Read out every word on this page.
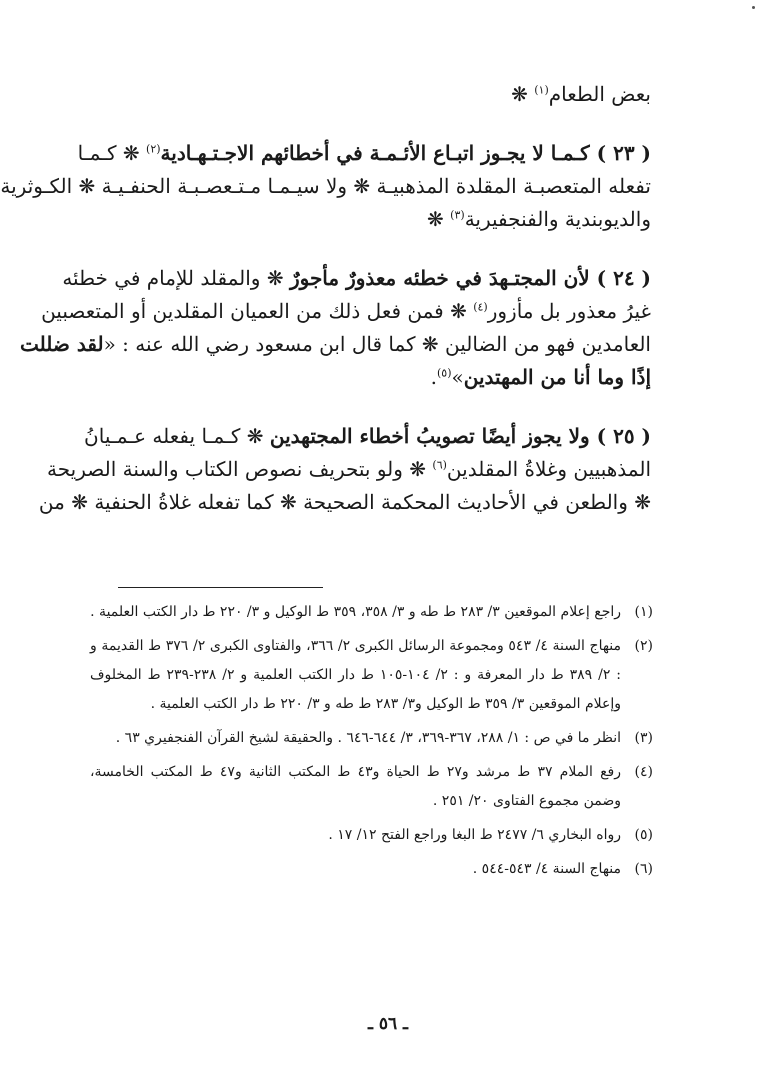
بعض الطعام$^{(١)}$ ❋
( ٢٣ ) كـمـا لا يجـوز اتبـاع الأئـمـة في أخطائهم الاجـتـهـادية$^{(٢)}$ ❋ كـمـا
تفعله المتعصبـة المقلدة المذهبيـة ❋ ولا سيـمـا مـتـعصـبـة الحنفـيـة ❋ الكـوثرية
والديوبندية والفنجفيرية$^{(٣)}$ ❋
( ٢٤ ) لأن المجتـهدَ في خطئه معذورٌ مأجورٌ ❋ والمقلد للإمام في خطئه
غيرُ معذور بل مأزور$^{(٤)}$ ❋ فمن فعل ذلك من العميان المقلدين أو المتعصبين
العامدين فهو من الضالين ❋ كما قال ابن مسعود رضي الله عنه : «لقد ضللت
إذًا وما أنا من المهتدين»$^{(٥)}$.
( ٢٥ ) ولا يجوز أيضًا تصويبُ أخطاء المجتهدين ❋ كـمـا يفعله عـمـيانُ
المذهبيين وغلاةُ المقلدين$^{(٦)}$ ❋ ولو بتحريف نصوص الكتاب والسنة الصريحة
❋ والطعن في الأحاديث المحكمة الصحيحة ❋ كما تفعله غلاةُ الحنفية ❋ من
(١)
راجع إعلام الموقعين ٣/ ٢٨٣ ط طه و ٣/ ٣٥٨، ٣٥٩ ط الوكيل و ٣/ ٢٢٠ ط دار الكتب العلمية .
(٢)
منهاج السنة ٤/ ٥٤٣ ومجموعة الرسائل الكبرى ٢/ ٣٦٦، والفتاوى الكبرى ٢/ ٣٧٦ ط القديمة و : ٢/ ٣٨٩ ط دار المعرفة و : ٢/ ١٠٤-١٠٥ ط دار الكتب العلمية و ٢/ ٢٣٨-٢٣٩ ط المخلوف وإعلام الموقعين ٣/ ٣٥٩ ط الوكيل و٣/ ٢٨٣ ط طه و ٣/ ٢٢٠ ط دار الكتب العلمية .
(٣)
انظر ما في ص : ١/ ٢٨٨، ٣٦٧-٣٦٩، ٣/ ٦٤٤-٦٤٦ . والحقيقة لشيخ القرآن الفنجفيري ٦٣ .
(٤)
رفع الملام ٣٧ ط مرشد و٢٧ ط الحياة و٤٣ ط المكتب الثانية و٤٧ ط المكتب الخامسة، وضمن مجموع الفتاوى ٢٠/ ٢٥١ .
(٥)
رواه البخاري ٦/ ٢٤٧٧ ط البغا وراجع الفتح ١٢/ ١٧ .
(٦)
منهاج السنة ٤/ ٥٤٣-٥٤٤ .
ـ ٥٦ ـ
